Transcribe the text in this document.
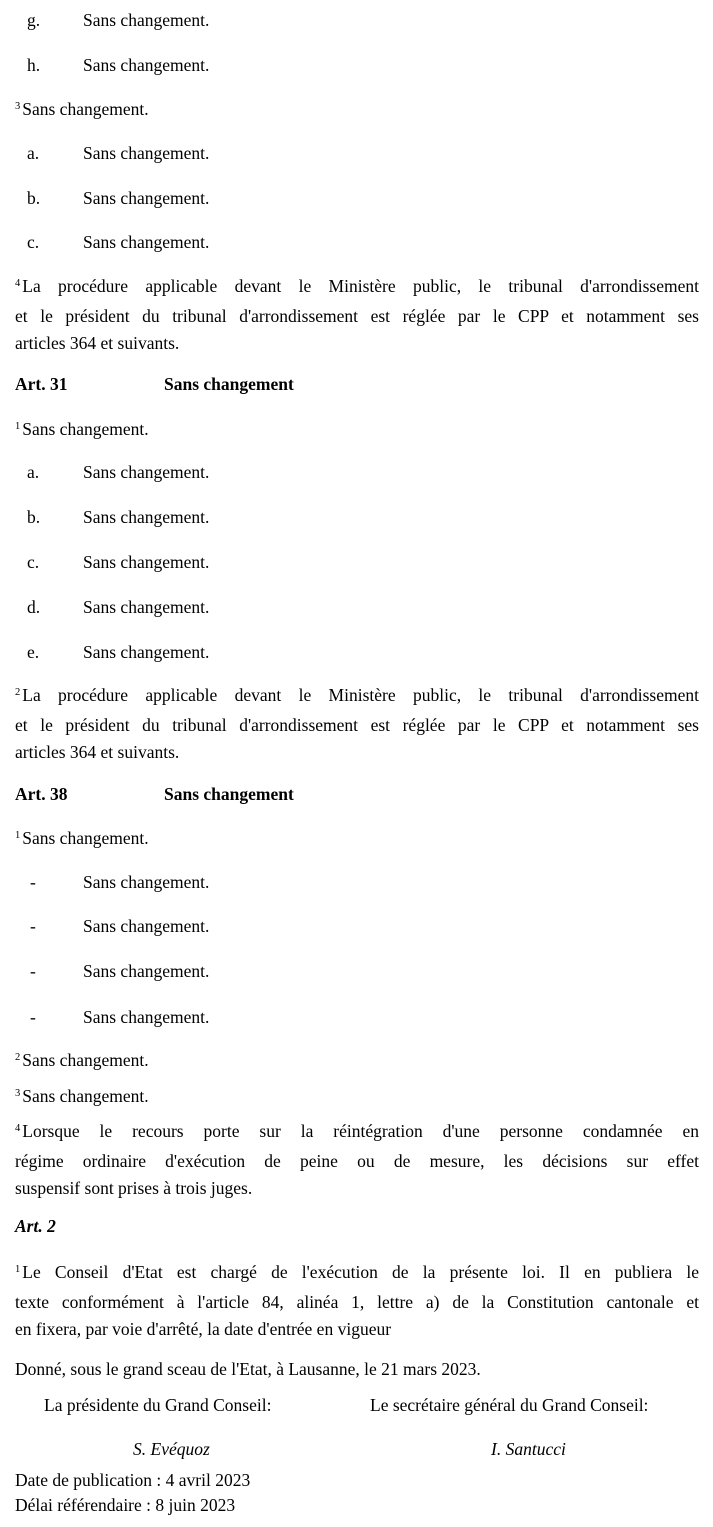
g.	Sans changement.
h.	Sans changement.
$^3$ Sans changement.
a.	Sans changement.
b.	Sans changement.
c.	Sans changement.
$^4$ La procédure applicable devant le Ministère public, le tribunal d'arrondissement
et le président du tribunal d'arrondissement est réglée par le CPP et notamment ses
articles 364 et suivants.
Art. 31	Sans changement
$^1$ Sans changement.
a.	Sans changement.
b.	Sans changement.
c.	Sans changement.
d.	Sans changement.
e.	Sans changement.
$^2$ La procédure applicable devant le Ministère public, le tribunal d'arrondissement
et le président du tribunal d'arrondissement est réglée par le CPP et notamment ses
articles 364 et suivants.
Art. 38	Sans changement
$^1$ Sans changement.
-	Sans changement.
-	Sans changement.
-	Sans changement.
-	Sans changement.
$^2$ Sans changement.
$^3$ Sans changement.
$^4$ Lorsque le recours porte sur la réintégration d'une personne condamnée en
régime ordinaire d'exécution de peine ou de mesure, les décisions sur effet
suspensif sont prises à trois juges.
Art. 2
$^1$ Le Conseil d'Etat est chargé de l'exécution de la présente loi. Il en publiera le
texte conformément à l'article 84, alinéa 1, lettre a) de la Constitution cantonale et
en fixera, par voie d'arrêté, la date d'entrée en vigueur
Donné, sous le grand sceau de l'Etat, à Lausanne, le 21 mars 2023.
La présidente du Grand Conseil:	Le secrétaire général du Grand Conseil:
S. Evéquoz	I. Santucci
Date de publication : 4 avril 2023
Délai référendaire : 8 juin 2023
